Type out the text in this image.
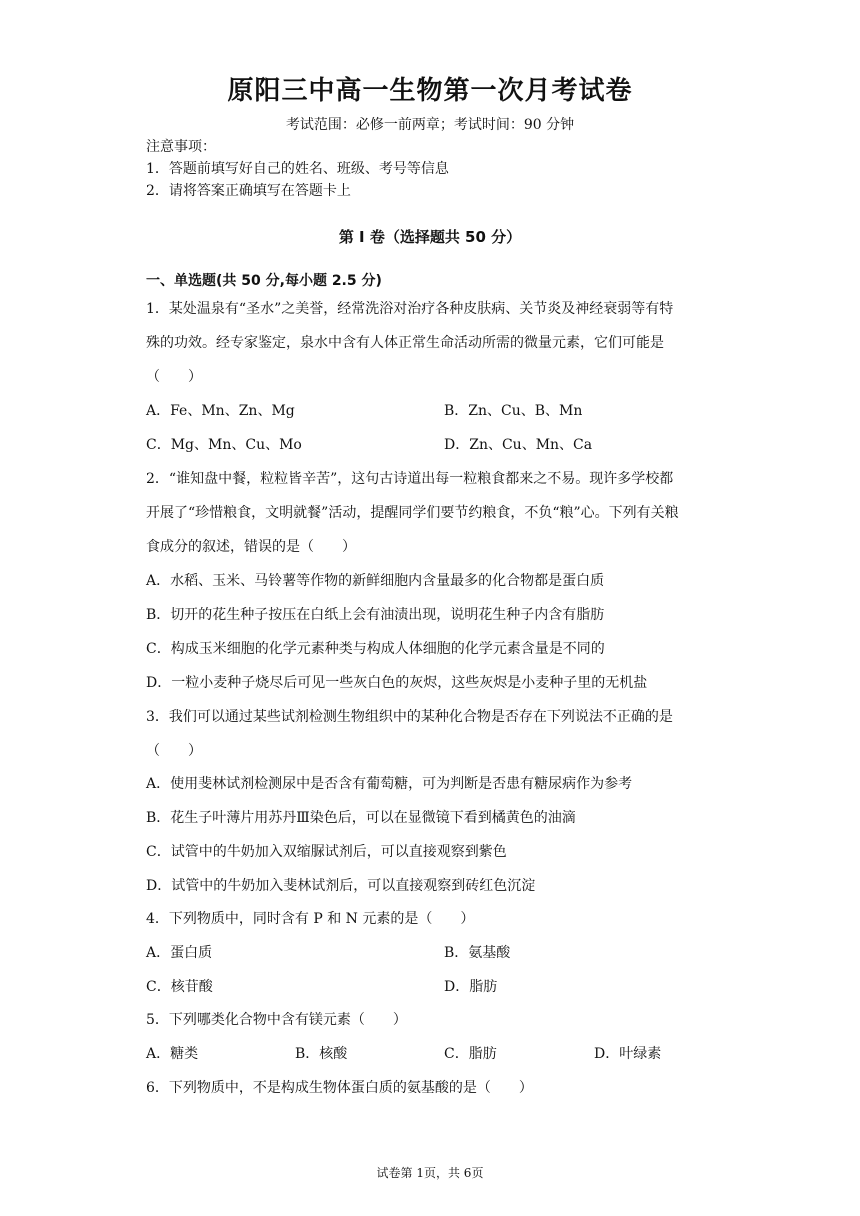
原阳三中高一生物第一次月考试卷
考试范围：必修一前两章；考试时间：90 分钟
注意事项：
1．答题前填写好自己的姓名、班级、考号等信息
2．请将答案正确填写在答题卡上
第 I 卷（选择题共 50 分）
一、单选题(共 50 分,每小题 2.5 分)
1．某处温泉有“圣水”之美誉，经常洗浴对治疗各种皮肤病、关节炎及神经衰弱等有特
殊的功效。经专家鉴定，泉水中含有人体正常生命活动所需的微量元素，它们可能是
（　　）
A．Fe、Mn、Zn、Mg	B．Zn、Cu、B、Mn
C．Mg、Mn、Cu、Mo	D．Zn、Cu、Mn、Ca
2．“谁知盘中餐，粒粒皆辛苦”，这句古诗道出每一粒粮食都来之不易。现许多学校都
开展了“珍惜粮食，文明就餐”活动，提醒同学们要节约粮食，不负“粮”心。下列有关粮
食成分的叙述，错误的是（　　）
A．水稻、玉米、马铃薯等作物的新鲜细胞内含量最多的化合物都是蛋白质
B．切开的花生种子按压在白纸上会有油渍出现，说明花生种子内含有脂肪
C．构成玉米细胞的化学元素种类与构成人体细胞的化学元素含量是不同的
D．一粒小麦种子烧尽后可见一些灰白色的灰烬，这些灰烬是小麦种子里的无机盐
3．我们可以通过某些试剂检测生物组织中的某种化合物是否存在下列说法不正确的是
（　　）
A．使用斐林试剂检测尿中是否含有葡萄糖，可为判断是否患有糖尿病作为参考
B．花生子叶薄片用苏丹Ⅲ染色后，可以在显微镜下看到橘黄色的油滴
C．试管中的牛奶加入双缩脲试剂后，可以直接观察到紫色
D．试管中的牛奶加入斐林试剂后，可以直接观察到砖红色沉淀
4．下列物质中，同时含有 P 和 N 元素的是（　　）
A．蛋白质	B．氨基酸
C．核苷酸	D．脂肪
5．下列哪类化合物中含有镁元素（　　）
A．糖类	B．核酸	C．脂肪	D．叶绿素
6．下列物质中，不是构成生物体蛋白质的氨基酸的是（　　）
试卷第 1页，共 6页
